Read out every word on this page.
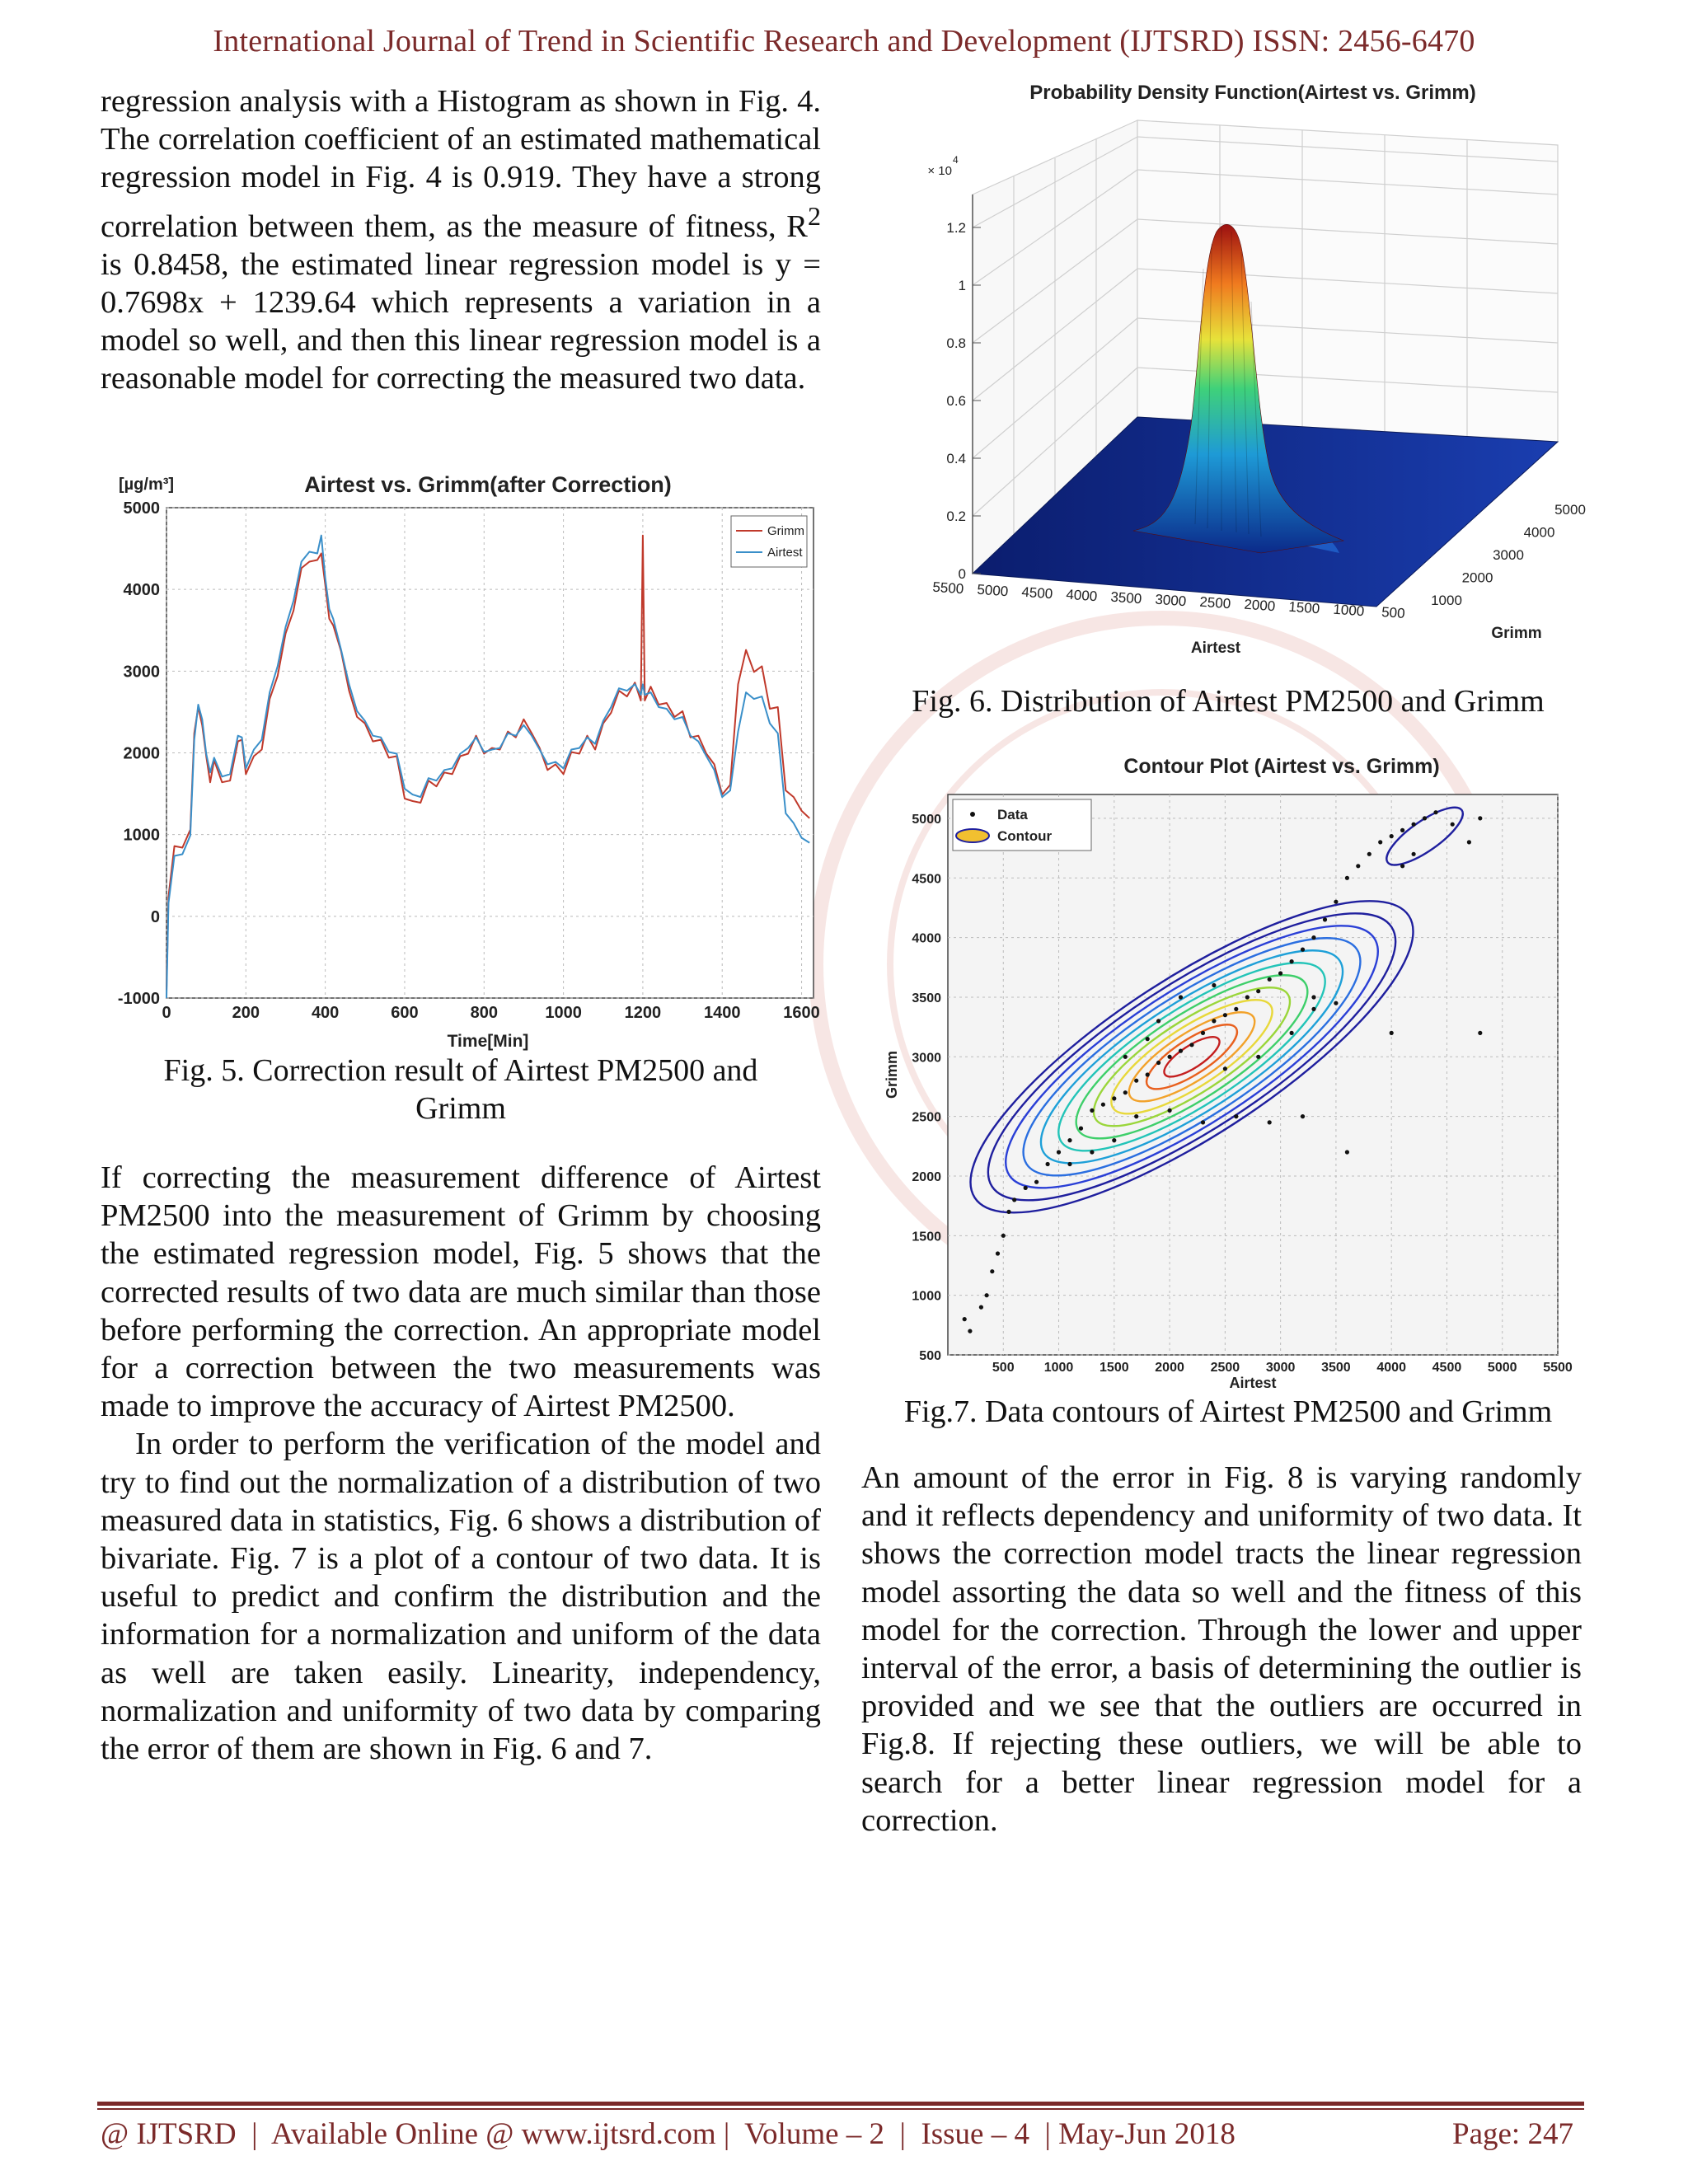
International Journal of Trend in Scientific Research and Development (IJTSRD) ISSN: 2456-6470

regression analysis with a Histogram as shown in Fig. 4. The correlation coefficient of an estimated mathematical regression model in Fig. 4 is 0.919. They have a strong correlation between them, as the measure of fitness, $R^2$ is 0.8458, the estimated linear regression model is y = 0.7698x + 1239.64 which represents a variation in a model so well, and then this linear regression model is a reasonable model for correcting the measured two data.

Airtest vs. Grimm(after Correction)
[µg/m³]
0	200	400	600	800	1000	1200	1400	1600
-1000
0
1000
2000
3000
4000
5000
Grimm
Airtest
Time[Min]
Fig. 5. Correction result of Airtest PM2500 and
Grimm

If correcting the measurement difference of Airtest PM2500 into the measurement of Grimm by choosing the estimated regression model, Fig. 5 shows that the corrected results of two data are much similar than those before performing the correction. An appropriate model for a correction between the two measurements was made to improve the accuracy of Airtest PM2500.

In order to perform the verification of the model and try to find out the normalization of a distribution of two measured data in statistics, Fig. 6 shows a distribution of bivariate. Fig. 7 is a plot of a contour of two data. It is useful to predict and confirm the distribution and the information for a normalization and uniform of the data as well are taken easily. Linearity, independency, normalization and uniformity of two data by comparing the error of them are shown in Fig. 6 and 7.

Probability Density Function(Airtest vs. Grimm)
0
0.2
0.4
0.6
0.8
1
1.2
× 10
4
5500 5000 4500 4000 3500 3000 2500 2000 1500 1000 500
Airtest
1000
2000
3000
4000
5000
Grimm
Fig. 6. Distribution of Airtest PM2500 and Grimm
Contour Plot (Airtest vs. Grimm)
500 1000 1500 2000 2500 3000 3500 4000 4500 5000 5500
500
1000
1500
2000
2500
3000
3500
4000
4500
5000	Data
Contour
Airtest
Grimm
Fig.7. Data contours of Airtest PM2500 and Grimm

An amount of the error in Fig. 8 is varying randomly and it reflects dependency and uniformity of two data. It shows the correction model tracts the linear regression model assorting the data so well and the fitness of this model for the correction. Through the lower and upper interval of the error, a basis of determining the outlier is provided and we see that the outliers are occurred in Fig.8. If rejecting these outliers, we will be able to search for a better linear regression model for a correction.

@ IJTSRD  |  Available Online @ www.ijtsrd.com |  Volume – 2  |  Issue – 4  | May-Jun 2018	Page: 247
